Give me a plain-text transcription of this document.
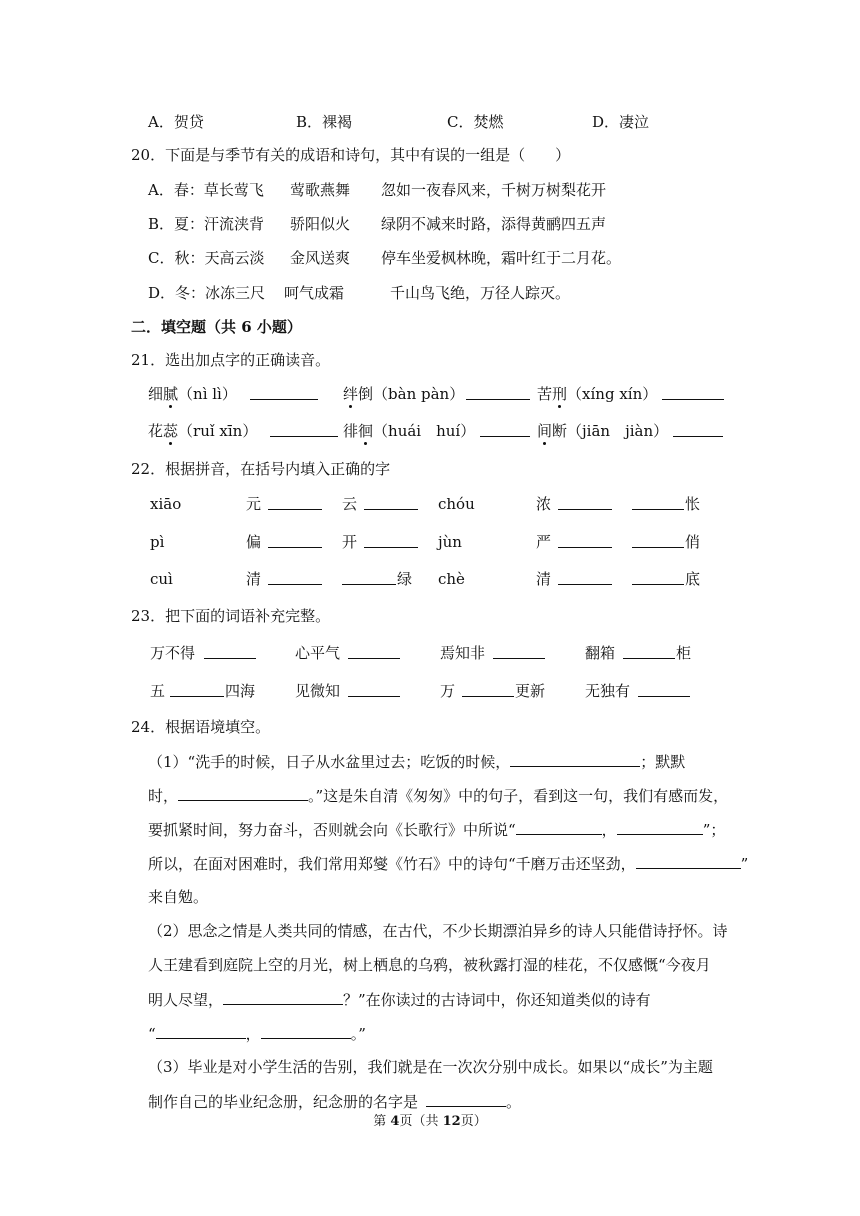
A．贺贷	B．裸褐	C．焚燃	D．凄泣
20．下面是与季节有关的成语和诗句，其中有误的一组是（　　）
A．春：草长莺飞 莺歌燕舞 忽如一夜春风来，千树万树梨花开
B．夏：汗流浃背 骄阳似火 绿阴不减来时路，添得黄鹂四五声
C．秋：天高云淡 金风送爽 停车坐爱枫林晚，霜叶红于二月花。
D．冬：冰冻三尺 呵气成霜	千山鸟飞绝，万径人踪灭。
二．填空题（共 6 小题）
21．选出加点字的正确读音。
细腻（nì lì）	绊倒（bàn pàn）	苦刑（xíng xín）
花蕊（ruǐ xīn）	徘徊（huái　huí）	间断（jiān　jiàn）
22．根据拼音，在括号内填入正确的字
xiāo	元	云	chóu	浓	怅
pì	偏	开	jùn	严	俏
cuì	清	绿 chè	清	底
23．把下面的词语补充完整。
万不得	心平气	焉知非	翻箱	柜
五	四海	见微知	万	更新	无独有
24．根据语境填空。
（1）“洗手的时候，日子从水盆里过去；吃饭的时候，	；默默
时，	。”这是朱自清《匆匆》中的句子，看到这一句，我们有感而发，
要抓紧时间，努力奋斗，否则就会向《长歌行》中所说“	，	”；
所以，在面对困难时，我们常用郑燮《竹石》中的诗句“千磨万击还坚劲，	”
来自勉。
（2）思念之情是人类共同的情感，在古代，不少长期漂泊异乡的诗人只能借诗抒怀。诗
人王建看到庭院上空的月光，树上栖息的乌鸦，被秋露打湿的桂花，不仅感慨“今夜月
明人尽望，	？”在你读过的古诗词中，你还知道类似的诗有
“	，	。”
（3）毕业是对小学生活的告别，我们就是在一次次分别中成长。如果以“成长”为主题
制作自己的毕业纪念册，纪念册的名字是	。
第 4页（共 12页）
